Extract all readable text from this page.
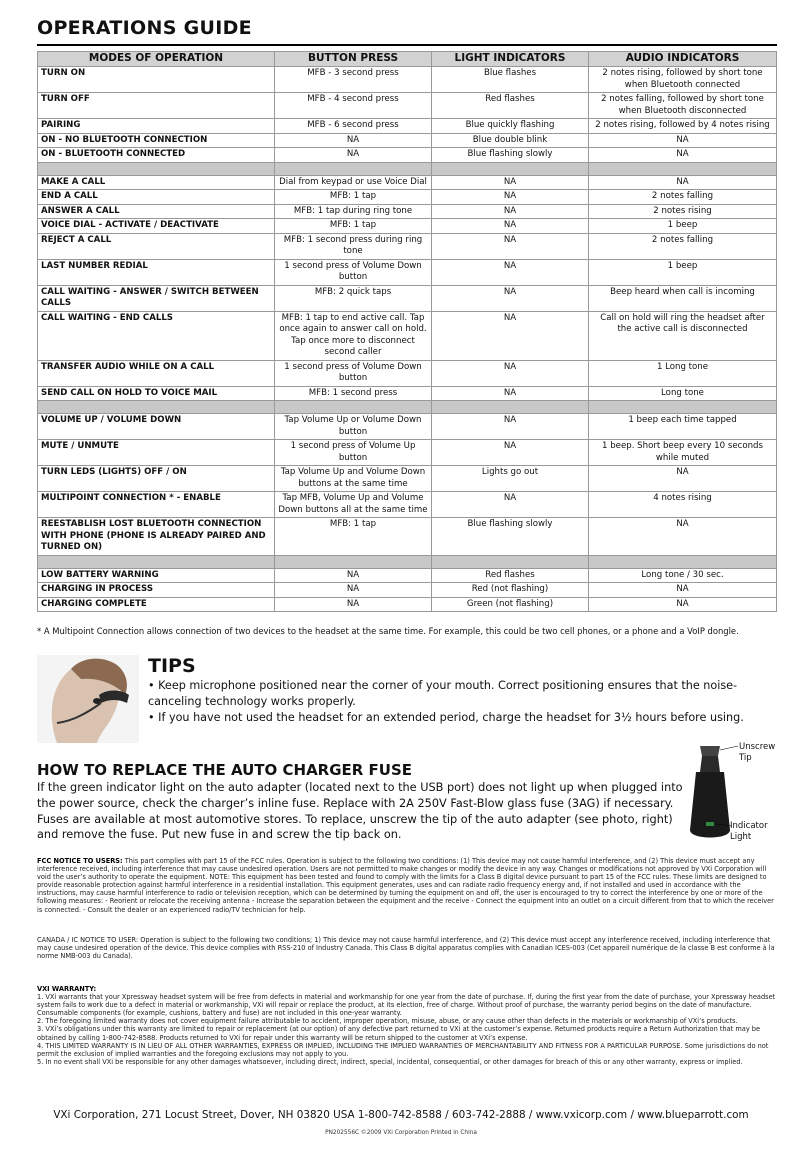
OPERATIONS GUIDE
MODES OF OPERATION	BUTTON PRESS	LIGHT INDICATORS	AUDIO INDICATORS
TURN ON	MFB - 3 second press	Blue flashes	2 notes rising, followed by short tone when Bluetooth connected
TURN OFF	MFB - 4 second press	Red flashes	2 notes falling, followed by short tone when Bluetooth disconnected
PAIRING	MFB - 6 second press	Blue quickly flashing	2 notes rising, followed by 4 notes rising
ON - NO BLUETOOTH CONNECTION	NA	Blue double blink	NA
ON - BLUETOOTH CONNECTED	NA	Blue flashing slowly	NA

MAKE A CALL	Dial from keypad or use Voice Dial	NA	NA
END A CALL	MFB: 1 tap	NA	2 notes falling
ANSWER A CALL	MFB: 1 tap during ring tone	NA	2 notes rising
VOICE DIAL - ACTIVATE / DEACTIVATE	MFB: 1 tap	NA	1 beep
REJECT A CALL	MFB: 1 second press during ring tone	NA	2 notes falling
LAST NUMBER REDIAL	1 second press of Volume Down button	NA	1 beep
CALL WAITING - ANSWER / SWITCH BETWEEN CALLS	MFB: 2 quick taps	NA	Beep heard when call is incoming
CALL WAITING - END CALLS	MFB: 1 tap to end active call. Tap once again to answer call on hold. Tap once more to disconnect second caller	NA	Call on hold will ring the headset after the active call is disconnected
TRANSFER AUDIO WHILE ON A CALL	1 second press of Volume Down button	NA	1 Long tone
SEND CALL ON HOLD TO VOICE MAIL	MFB: 1 second press	NA	Long tone

VOLUME UP / VOLUME DOWN	Tap Volume Up or Volume Down button	NA	1 beep each time tapped
MUTE / UNMUTE	1 second press of Volume Up button	NA	1 beep. Short beep every 10 seconds while muted
TURN LEDS (LIGHTS) OFF / ON	Tap Volume Up and Volume Down buttons at the same time	Lights go out	NA
MULTIPOINT CONNECTION * - ENABLE	Tap MFB, Volume Up and Volume Down buttons all at the same time	NA	4 notes rising
REESTABLISH LOST BLUETOOTH CONNECTION WITH PHONE (PHONE IS ALREADY PAIRED AND TURNED ON)	MFB: 1 tap	Blue flashing slowly	NA

LOW BATTERY WARNING	NA	Red flashes	Long tone / 30 sec.
CHARGING IN PROCESS	NA	Red (not flashing)	NA
CHARGING COMPLETE	NA	Green (not flashing)	NA
* A Multipoint Connection allows connection of two devices to the headset at the same time. For example, this could be two cell phones, or a phone and a VoIP dongle.
TIPS
• Keep microphone positioned near the corner of your mouth. Correct positioning ensures that the noise-canceling technology works properly.
• If you have not used the headset for an extended period, charge the headset for 3½ hours before using.
HOW TO REPLACE THE AUTO CHARGER FUSE
If the green indicator light on the auto adapter (located next to the USB port) does not light up when plugged into the power source, check the charger’s inline fuse. Replace with 2A 250V Fast-Blow glass fuse (3AG) if necessary. Fuses are available at most automotive stores. To replace, unscrew the tip of the auto adapter (see photo, right) and remove the fuse. Put new fuse in and screw the tip back on.
Unscrew Tip
Indicator Light
FCC NOTICE TO USERS: This part complies with part 15 of the FCC rules. Operation is subject to the following two conditions: (1) This device may not cause harmful interference, and (2) This device must accept any interference received, including interference that may cause undesired operation. Users are not permitted to make changes or modify the device in any way. Changes or modifications not approved by VXi Corporation will void the user’s authority to operate the equipment. NOTE: This equipment has been tested and found to comply with the limits for a Class B digital device pursuant to part 15 of the FCC rules. These limits are designed to provide reasonable protection against harmful interference in a residential installation. This equipment generates, uses and can radiate radio frequency energy and, if not installed and used in accordance with the instructions, may cause harmful interference to radio or television reception, which can be determined by turning the equipment on and off, the user is encouraged to try to correct the interference by one or more of the following measures: - Reorient or relocate the receiving antenna - Increase the separation between the equipment and the receive - Connect the equipment into an outlet on a circuit different from that to which the receiver is connected. - Consult the dealer or an experienced radio/TV technician for help.
CANADA / IC NOTICE TO USER: Operation is subject to the following two conditions; 1) This device may not cause harmful interference, and (2) This device must accept any interference received, including interference that may cause undesired operation of the device. This device complies with RSS-210 of Industry Canada. This Class B digital apparatus complies with Canadian ICES-003 (Cet appareil numérique de la classe B est conforme à la norme NMB-003 du Canada).
VXI WARRANTY:
1. VXi warrants that your Xpressway headset system will be free from defects in material and workmanship for one year from the date of purchase. If, during the first year from the date of purchase, your Xpressway headset system fails to work due to a defect in material or workmanship, VXi will repair or replace the product, at its election, free of charge. Without proof of purchase, the warranty period begins on the date of manufacture. Consumable components (for example, cushions, battery and fuse) are not included in this one-year warranty.
2. The foregoing limited warranty does not cover equipment failure attributable to accident, improper operation, misuse, abuse, or any cause other than defects in the materials or workmanship of VXi’s products.
3. VXi’s obligations under this warranty are limited to repair or replacement (at our option) of any defective part returned to VXi at the customer’s expense. Returned products require a Return Authorization that may be obtained by calling 1-800-742-8588. Products returned to VXi for repair under this warranty will be return shipped to the customer at VXi’s expense.
4. THIS LIMITED WARRANTY IS IN LIEU OF ALL OTHER WARRANTIES, EXPRESS OR IMPLIED, INCLUDING THE IMPLIED WARRANTIES OF MERCHANTABILITY AND FITNESS FOR A PARTICULAR PURPOSE. Some jurisdictions do not permit the exclusion of implied warranties and the foregoing exclusions may not apply to you.
5. In no event shall VXi be responsible for any other damages whatsoever, including direct, indirect, special, incidental, consequential, or other damages for breach of this or any other warranty, express or implied.
VXi Corporation, 271 Locust Street, Dover, NH 03820 USA 1-800-742-8588 / 603-742-2888 / www.vxicorp.com / www.blueparrott.com
PN202556C ©2009 VXi Corporation Printed in China
